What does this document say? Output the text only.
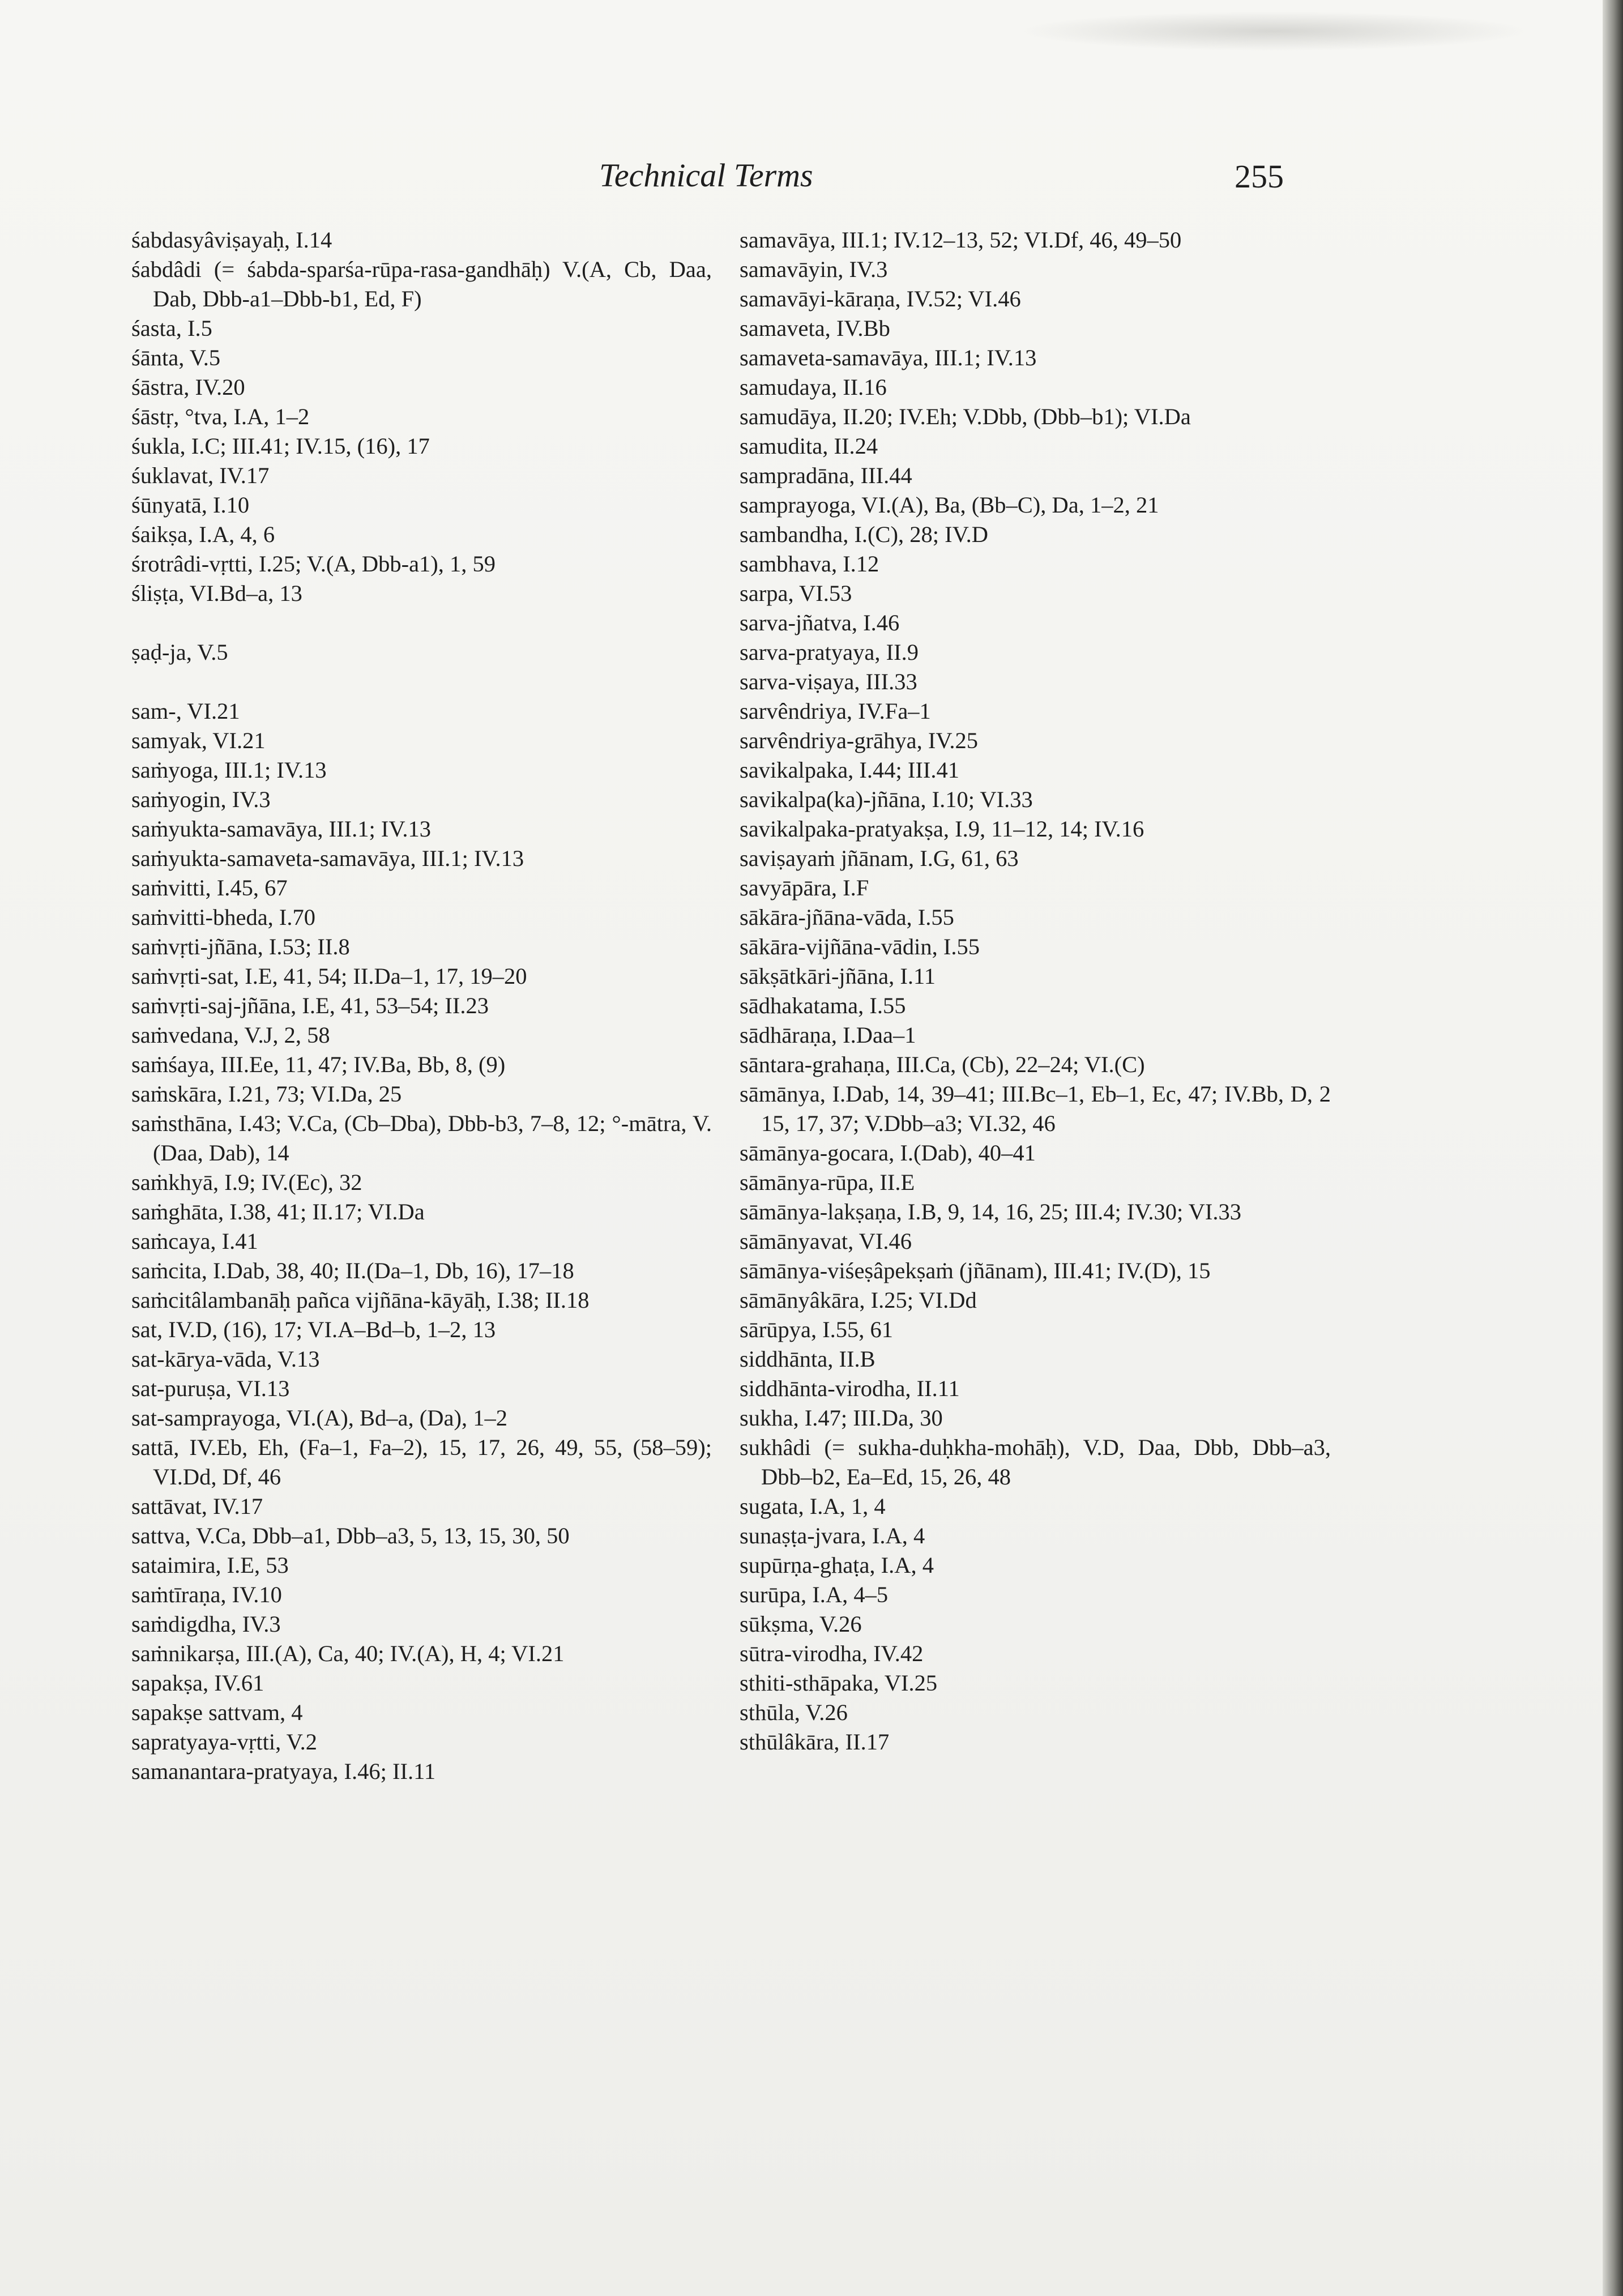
Technical Terms	255
śabdasyâviṣayaḥ, I.14
śabdâdi (= śabda-sparśa-rūpa-rasa-gandhāḥ) V.(A, Cb, Daa, Dab, Dbb-a1–Dbb-b1, Ed, F)
śasta, I.5
śānta, V.5
śāstra, IV.20
śāstṛ, °tva, I.A, 1–2
śukla, I.C; III.41; IV.15, (16), 17
śuklavat, IV.17
śūnyatā, I.10
śaikṣa, I.A, 4, 6
śrotrâdi-vṛtti, I.25; V.(A, Dbb-a1), 1, 59
śliṣṭa, VI.Bd–a, 13
ṣaḍ-ja, V.5
sam-, VI.21
samyak, VI.21
saṁyoga, III.1; IV.13
saṁyogin, IV.3
saṁyukta-samavāya, III.1; IV.13
saṁyukta-samaveta-samavāya, III.1; IV.13
saṁvitti, I.45, 67
saṁvitti-bheda, I.70
saṁvṛti-jñāna, I.53; II.8
saṁvṛti-sat, I.E, 41, 54; II.Da–1, 17, 19–20
saṁvṛti-saj-jñāna, I.E, 41, 53–54; II.23
saṁvedana, V.J, 2, 58
saṁśaya, III.Ee, 11, 47; IV.Ba, Bb, 8, (9)
saṁskāra, I.21, 73; VI.Da, 25
saṁsthāna, I.43; V.Ca, (Cb–Dba), Dbb-b3, 7–8, 12; °-mātra, V.(Daa, Dab), 14
saṁkhyā, I.9; IV.(Ec), 32
saṁghāta, I.38, 41; II.17; VI.Da
saṁcaya, I.41
saṁcita, I.Dab, 38, 40; II.(Da–1, Db, 16), 17–18
saṁcitâlambanāḥ pañca vijñāna-kāyāḥ, I.38; II.18
sat, IV.D, (16), 17; VI.A–Bd–b, 1–2, 13
sat-kārya-vāda, V.13
sat-puruṣa, VI.13
sat-samprayoga, VI.(A), Bd–a, (Da), 1–2
sattā, IV.Eb, Eh, (Fa–1, Fa–2), 15, 17, 26, 49, 55, (58–59); VI.Dd, Df, 46
sattāvat, IV.17
sattva, V.Ca, Dbb–a1, Dbb–a3, 5, 13, 15, 30, 50
sataimira, I.E, 53
saṁtīraṇa, IV.10
saṁdigdha, IV.3
saṁnikarṣa, III.(A), Ca, 40; IV.(A), H, 4; VI.21
sapakṣa, IV.61
sapakṣe sattvam, 4
sapratyaya-vṛtti, V.2
samanantara-pratyaya, I.46; II.11
samavāya, III.1; IV.12–13, 52; VI.Df, 46, 49–50
samavāyin, IV.3
samavāyi-kāraṇa, IV.52; VI.46
samaveta, IV.Bb
samaveta-samavāya, III.1; IV.13
samudaya, II.16
samudāya, II.20; IV.Eh; V.Dbb, (Dbb–b1); VI.Da
samudita, II.24
sampradāna, III.44
samprayoga, VI.(A), Ba, (Bb–C), Da, 1–2, 21
sambandha, I.(C), 28; IV.D
sambhava, I.12
sarpa, VI.53
sarva-jñatva, I.46
sarva-pratyaya, II.9
sarva-viṣaya, III.33
sarvêndriya, IV.Fa–1
sarvêndriya-grāhya, IV.25
savikalpaka, I.44; III.41
savikalpa(ka)-jñāna, I.10; VI.33
savikalpaka-pratyakṣa, I.9, 11–12, 14; IV.16
saviṣayaṁ jñānam, I.G, 61, 63
savyāpāra, I.F
sākāra-jñāna-vāda, I.55
sākāra-vijñāna-vādin, I.55
sākṣātkāri-jñāna, I.11
sādhakatama, I.55
sādhāraṇa, I.Daa–1
sāntara-grahaṇa, III.Ca, (Cb), 22–24; VI.(C)
sāmānya, I.Dab, 14, 39–41; III.Bc–1, Eb–1, Ec, 47; IV.Bb, D, 2 15, 17, 37; V.Dbb–a3; VI.32, 46
sāmānya-gocara, I.(Dab), 40–41
sāmānya-rūpa, II.E
sāmānya-lakṣaṇa, I.B, 9, 14, 16, 25; III.4; IV.30; VI.33
sāmānyavat, VI.46
sāmānya-viśeṣâpekṣaṁ (jñānam), III.41; IV.(D), 15
sāmānyâkāra, I.25; VI.Dd
sārūpya, I.55, 61
siddhānta, II.B
siddhānta-virodha, II.11
sukha, I.47; III.Da, 30
sukhâdi (= sukha-duḥkha-mohāḥ), V.D, Daa, Dbb, Dbb–a3, Dbb–b2, Ea–Ed, 15, 26, 48
sugata, I.A, 1, 4
sunaṣṭa-jvara, I.A, 4
supūrṇa-ghaṭa, I.A, 4
surūpa, I.A, 4–5
sūkṣma, V.26
sūtra-virodha, IV.42
sthiti-sthāpaka, VI.25
sthūla, V.26
sthūlâkāra, II.17
